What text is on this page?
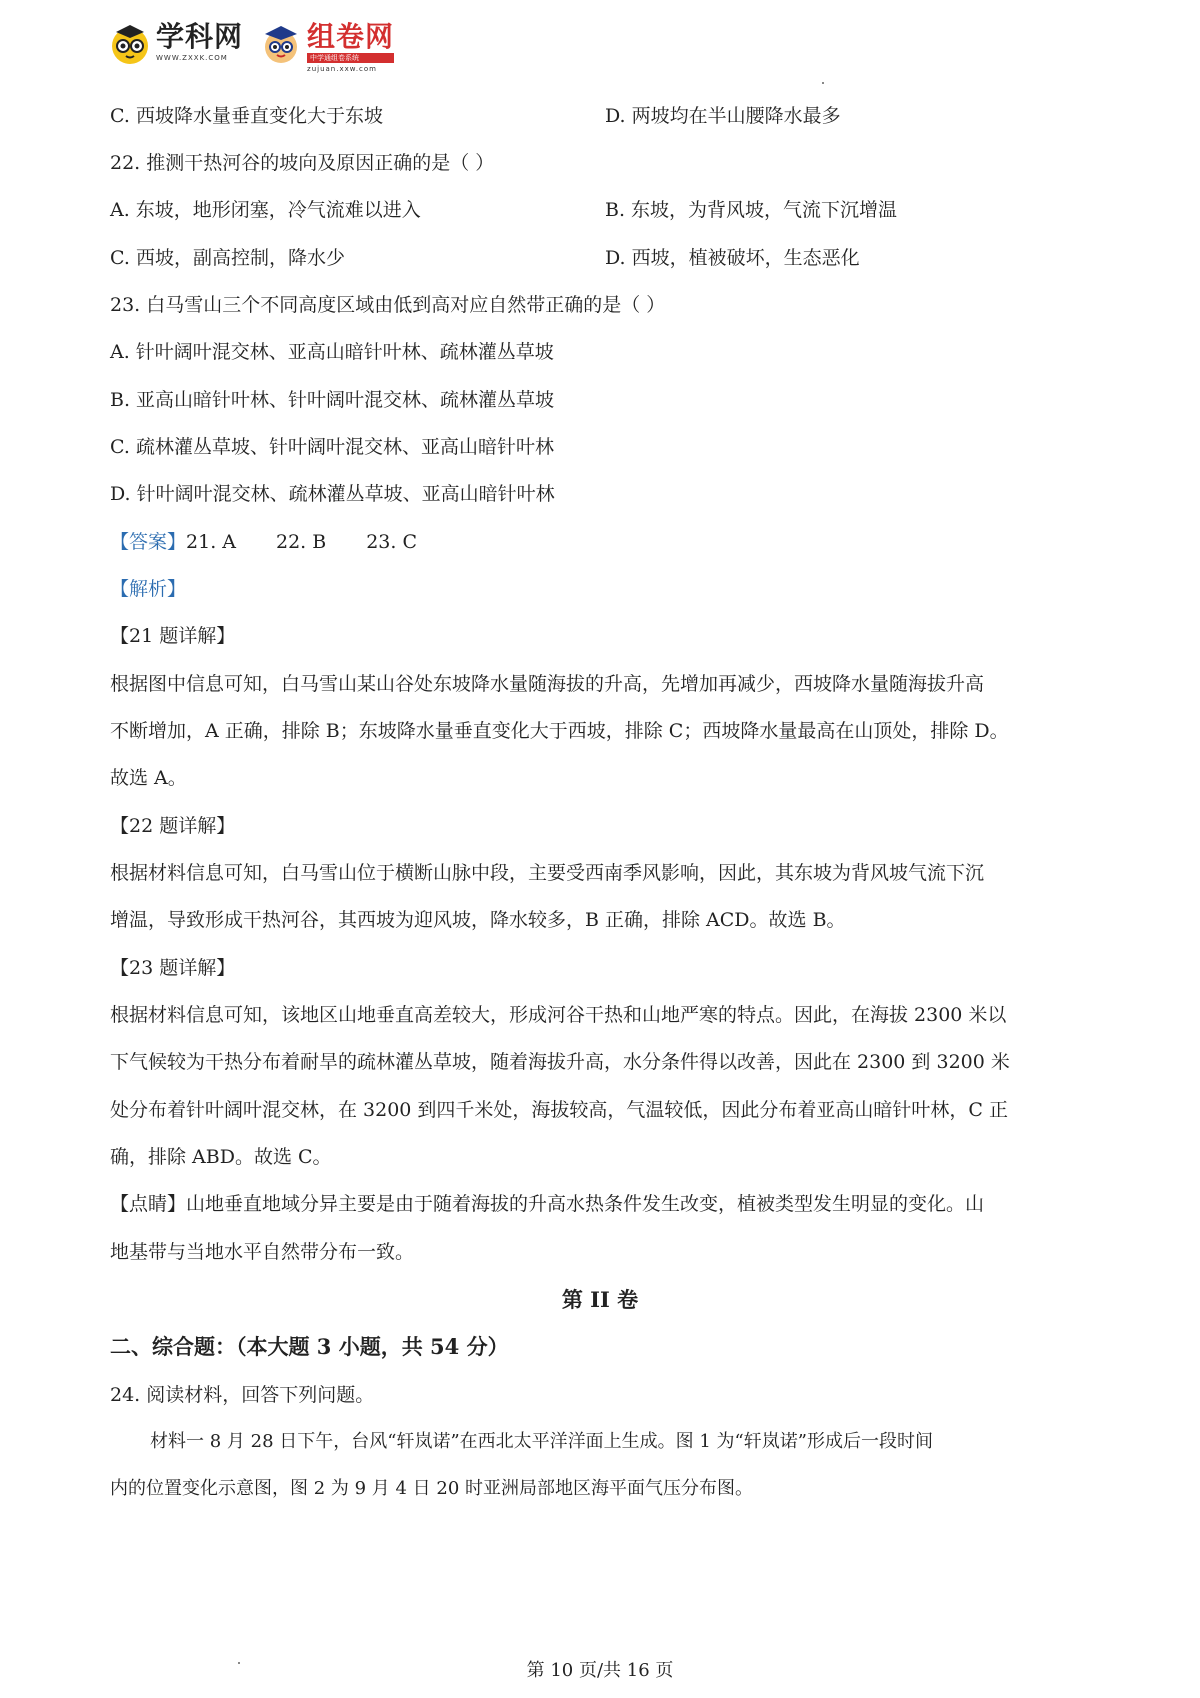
学科网
WWW.ZXXK.COM
组卷网
中学通组卷系统
zujuan.xxw.com
C. 西坡降水量垂直变化大于东坡	D. 两坡均在半山腰降水最多
22. 推测干热河谷的坡向及原因正确的是（ ）
A. 东坡，地形闭塞，冷气流难以进入	B. 东坡，为背风坡，气流下沉增温
C. 西坡，副高控制，降水少	D. 西坡，植被破坏，生态恶化
23. 白马雪山三个不同高度区域由低到高对应自然带正确的是（ ）
A. 针叶阔叶混交林、亚高山暗针叶林、疏林灌丛草坡
B. 亚高山暗针叶林、针叶阔叶混交林、疏林灌丛草坡
C. 疏林灌丛草坡、针叶阔叶混交林、亚高山暗针叶林
D. 针叶阔叶混交林、疏林灌丛草坡、亚高山暗针叶林
【答案】21. A 22. B 23. C
【解析】
【21 题详解】
根据图中信息可知，白马雪山某山谷处东坡降水量随海拔的升高，先增加再减少，西坡降水量随海拔升高
不断增加，A 正确，排除 B；东坡降水量垂直变化大于西坡，排除 C；西坡降水量最高在山顶处，排除 D。
故选 A。
【22 题详解】
根据材料信息可知，白马雪山位于横断山脉中段，主要受西南季风影响，因此，其东坡为背风坡气流下沉
增温，导致形成干热河谷，其西坡为迎风坡，降水较多，B 正确，排除 ACD。故选 B。
【23 题详解】
根据材料信息可知，该地区山地垂直高差较大，形成河谷干热和山地严寒的特点。因此，在海拔 2300 米以
下气候较为干热分布着耐旱的疏林灌丛草坡，随着海拔升高，水分条件得以改善，因此在 2300 到 3200 米
处分布着针叶阔叶混交林，在 3200 到四千米处，海拔较高，气温较低，因此分布着亚高山暗针叶林，C 正
确，排除 ABD。故选 C。
【点睛】山地垂直地域分异主要是由于随着海拔的升高水热条件发生改变，植被类型发生明显的变化。山
地基带与当地水平自然带分布一致。
第 II 卷
二、综合题：（本大题 3 小题，共 54 分）
24. 阅读材料，回答下列问题。
材料一 8 月 28 日下午，台风“轩岚诺”在西北太平洋洋面上生成。图 1 为“轩岚诺”形成后一段时间
内的位置变化示意图，图 2 为 9 月 4 日 20 时亚洲局部地区海平面气压分布图。
第 10 页/共 16 页
